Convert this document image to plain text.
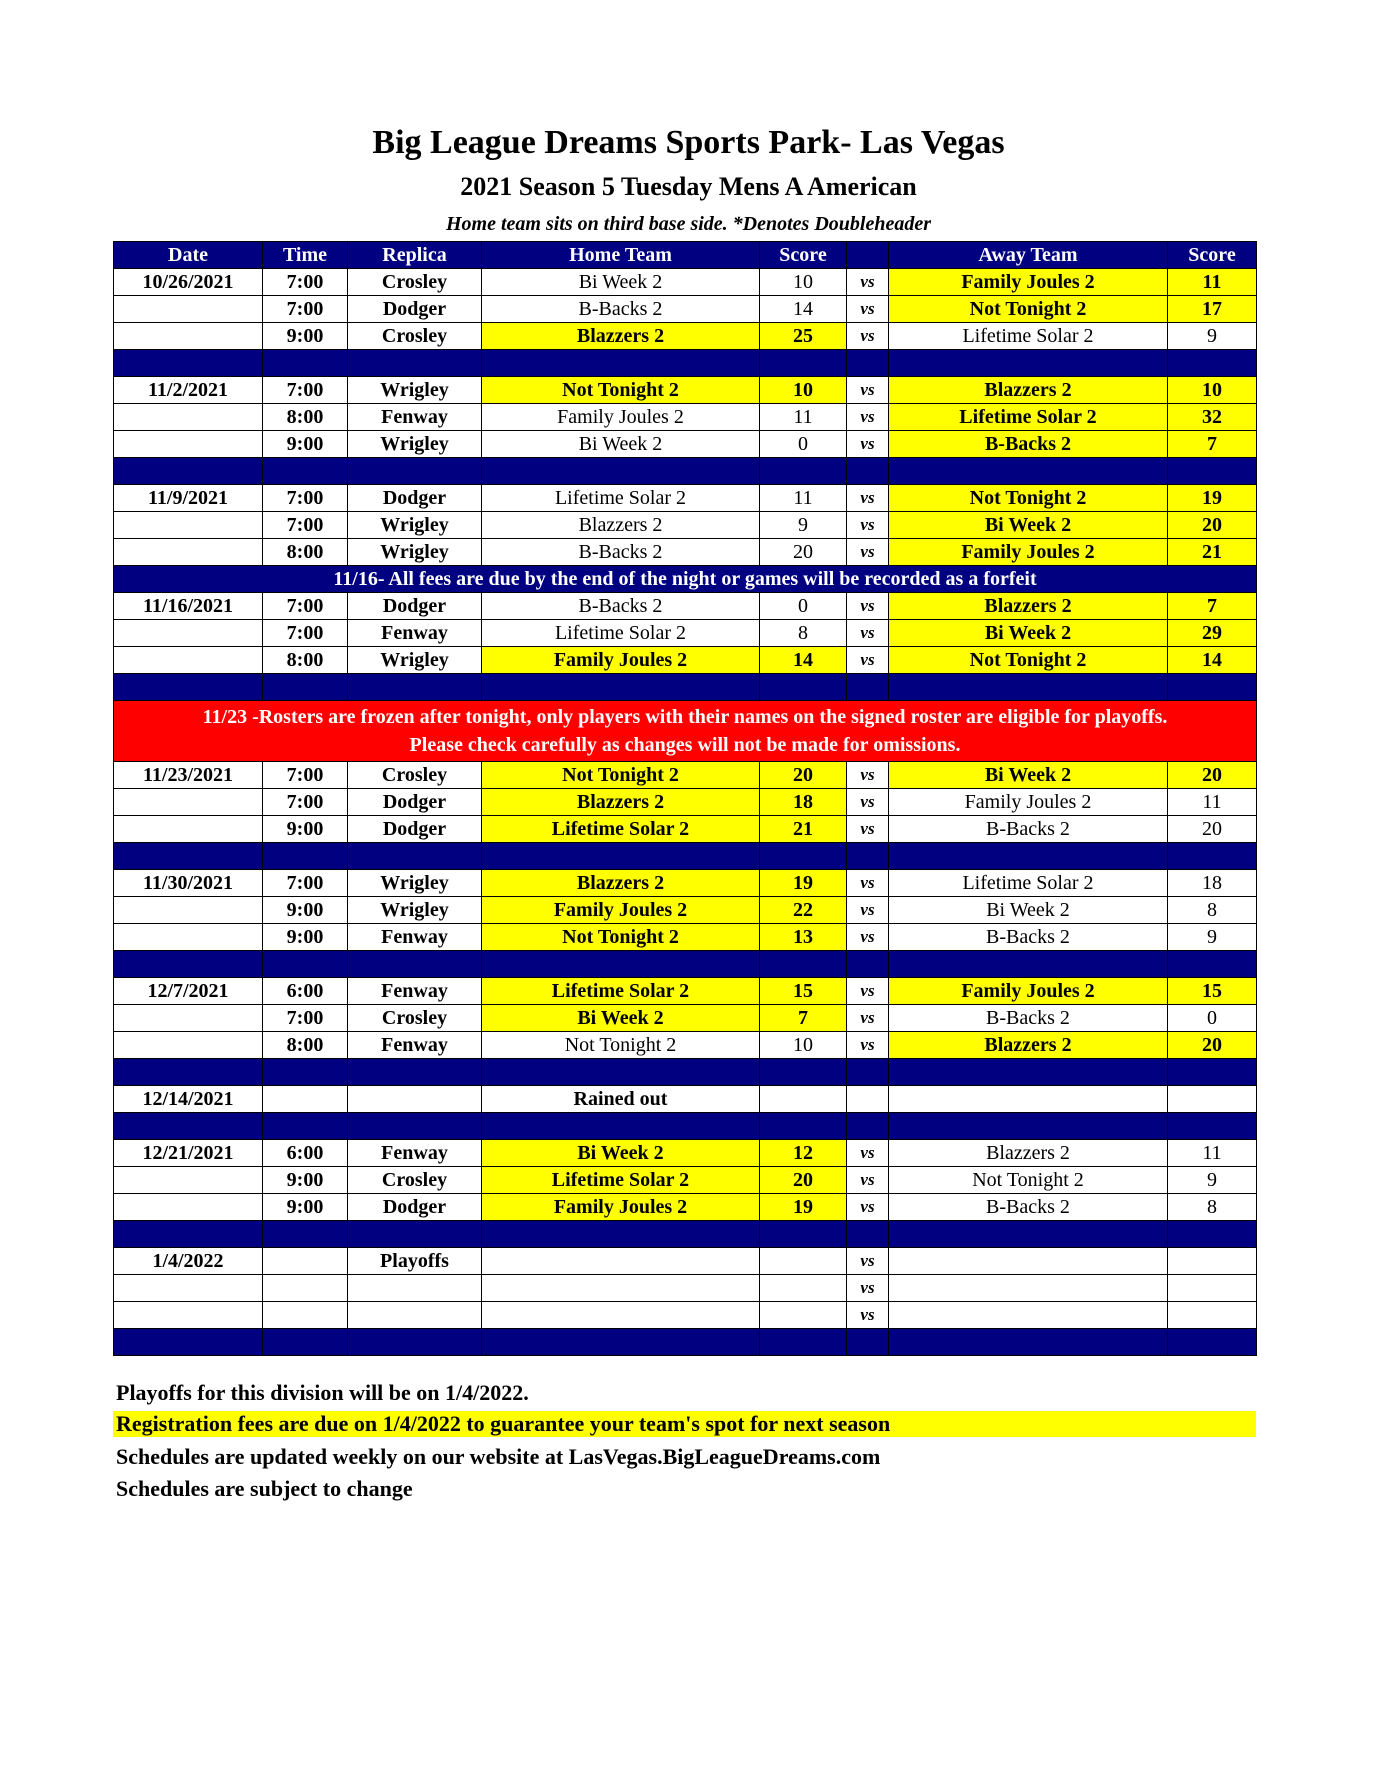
Big League Dreams Sports Park- Las Vegas
2021 Season 5 Tuesday Mens A American
Home team sits on third base side. *Denotes Doubleheader
Date	Time	Replica	Home Team	Score		Away Team	Score
10/26/2021	7:00	Crosley	Bi Week 2	10	vs	Family Joules 2	11
	7:00	Dodger	B-Backs 2	14	vs	Not Tonight 2	17
	9:00	Crosley	Blazzers 2	25	vs	Lifetime Solar 2	9

11/2/2021	7:00	Wrigley	Not Tonight 2	10	vs	Blazzers 2	10
	8:00	Fenway	Family Joules 2	11	vs	Lifetime Solar 2	32
	9:00	Wrigley	Bi Week 2	0	vs	B-Backs 2	7

11/9/2021	7:00	Dodger	Lifetime Solar 2	11	vs	Not Tonight 2	19
	7:00	Wrigley	Blazzers 2	9	vs	Bi Week 2	20
	8:00	Wrigley	B-Backs 2	20	vs	Family Joules 2	21
11/16- All fees are due by the end of the night or games will be recorded as a forfeit							
11/16/2021	7:00	Dodger	B-Backs 2	0	vs	Blazzers 2	7
	7:00	Fenway	Lifetime Solar 2	8	vs	Bi Week 2	29
	8:00	Wrigley	Family Joules 2	14	vs	Not Tonight 2	14

11/23 -Rosters are frozen after tonight, only players with their names on the signed roster are eligible for playoffs.
Please check carefully as changes will not be made for omissions.							

11/23/2021	7:00	Crosley	Not Tonight 2	20	vs	Bi Week 2	20
	7:00	Dodger	Blazzers 2	18	vs	Family Joules 2	11
	9:00	Dodger	Lifetime Solar 2	21	vs	B-Backs 2	20

11/30/2021	7:00	Wrigley	Blazzers 2	19	vs	Lifetime Solar 2	18
	9:00	Wrigley	Family Joules 2	22	vs	Bi Week 2	8
	9:00	Fenway	Not Tonight 2	13	vs	B-Backs 2	9

12/7/2021	6:00	Fenway	Lifetime Solar 2	15	vs	Family Joules 2	15
	7:00	Crosley	Bi Week 2	7	vs	B-Backs 2	0
	8:00	Fenway	Not Tonight 2	10	vs	Blazzers 2	20

12/14/2021			Rained out				

12/21/2021	6:00	Fenway	Bi Week 2	12	vs	Blazzers 2	11
	9:00	Crosley	Lifetime Solar 2	20	vs	Not Tonight 2	9
	9:00	Dodger	Family Joules 2	19	vs	B-Backs 2	8

1/4/2022		Playoffs			vs		
					vs		
					vs		

Playoffs for this division will be on 1/4/2022.
Registration fees are due on 1/4/2022 to guarantee your team's spot for next season
Schedules are updated weekly on our website at LasVegas.BigLeagueDreams.com
Schedules are subject to change
